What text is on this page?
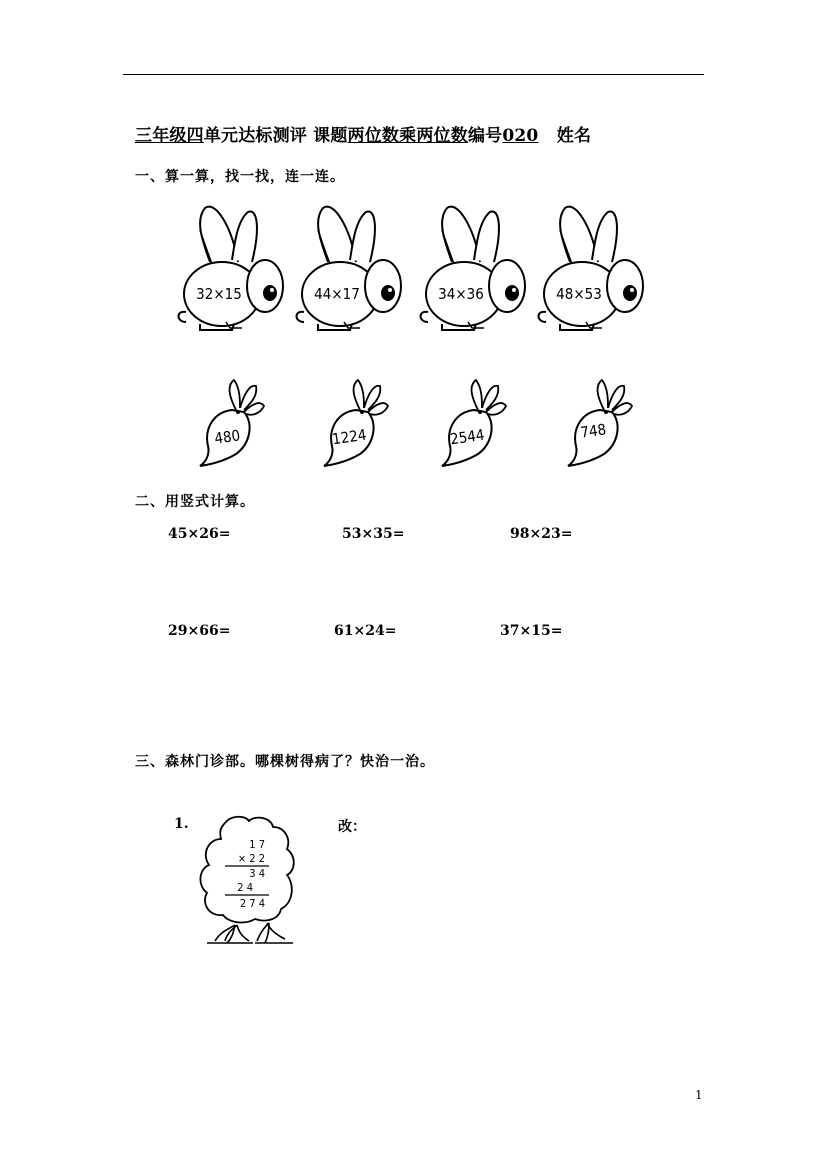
三年级四单元达标测评 课题两位数乘两位数编号020   姓名
一、算一算，找一找，连一连。
32×15	44×17	34×36	48×53
480	1224	2544	748
二、用竖式计算。
45×26=	53×35=	98×23=
29×66=	61×24=	37×15=
三、森林门诊部。哪棵树得病了？快治一治。
1.	改：
1 7
× 2 2
3 4
2 4
2 7 4
1
